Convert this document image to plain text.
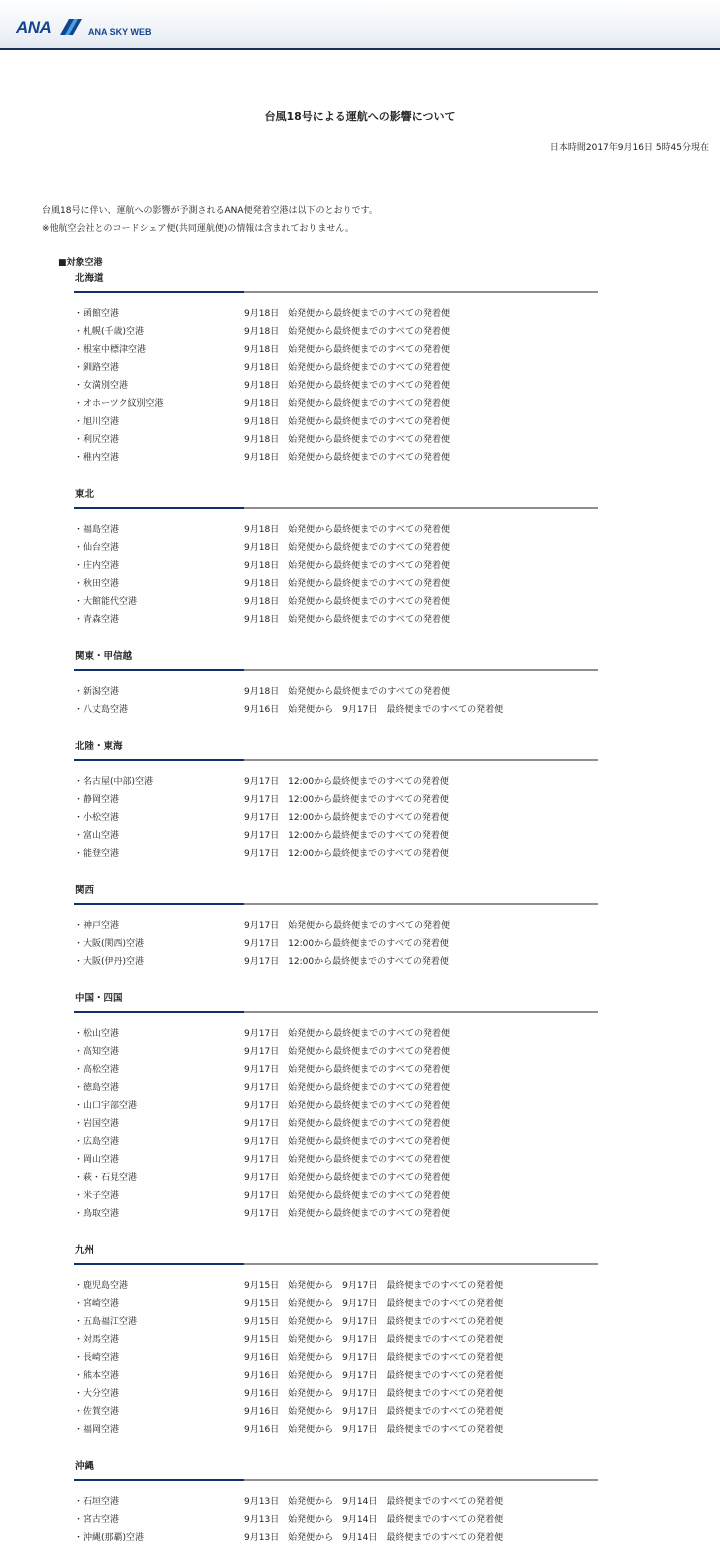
ANA	ANA SKY WEB
台風18号による運航への影響について
日本時間2017年9月16日 5時45分現在
台風18号に伴い、運航への影響が予測されるANA便発着空港は以下のとおりです。
※他航空会社とのコードシェア便(共同運航便)の情報は含まれておりません。
■対象空港
北海道
・函館空港	9月18日　始発便から最終便までのすべての発着便
・札幌(千歳)空港	9月18日　始発便から最終便までのすべての発着便
・根室中標津空港	9月18日　始発便から最終便までのすべての発着便
・釧路空港	9月18日　始発便から最終便までのすべての発着便
・女満別空港	9月18日　始発便から最終便までのすべての発着便
・オホーツク紋別空港	9月18日　始発便から最終便までのすべての発着便
・旭川空港	9月18日　始発便から最終便までのすべての発着便
・利尻空港	9月18日　始発便から最終便までのすべての発着便
・稚内空港	9月18日　始発便から最終便までのすべての発着便
東北
・福島空港	9月18日　始発便から最終便までのすべての発着便
・仙台空港	9月18日　始発便から最終便までのすべての発着便
・庄内空港	9月18日　始発便から最終便までのすべての発着便
・秋田空港	9月18日　始発便から最終便までのすべての発着便
・大館能代空港	9月18日　始発便から最終便までのすべての発着便
・青森空港	9月18日　始発便から最終便までのすべての発着便
関東・甲信越
・新潟空港	9月18日　始発便から最終便までのすべての発着便
・八丈島空港	9月16日　始発便から　9月17日　最終便までのすべての発着便
北陸・東海
・名古屋(中部)空港	9月17日　12:00から最終便までのすべての発着便
・静岡空港	9月17日　12:00から最終便までのすべての発着便
・小松空港	9月17日　12:00から最終便までのすべての発着便
・富山空港	9月17日　12:00から最終便までのすべての発着便
・能登空港	9月17日　12:00から最終便までのすべての発着便
関西
・神戸空港	9月17日　始発便から最終便までのすべての発着便
・大阪(関西)空港	9月17日　12:00から最終便までのすべての発着便
・大阪(伊丹)空港	9月17日　12:00から最終便までのすべての発着便
中国・四国
・松山空港	9月17日　始発便から最終便までのすべての発着便
・高知空港	9月17日　始発便から最終便までのすべての発着便
・高松空港	9月17日　始発便から最終便までのすべての発着便
・徳島空港	9月17日　始発便から最終便までのすべての発着便
・山口宇部空港	9月17日　始発便から最終便までのすべての発着便
・岩国空港	9月17日　始発便から最終便までのすべての発着便
・広島空港	9月17日　始発便から最終便までのすべての発着便
・岡山空港	9月17日　始発便から最終便までのすべての発着便
・萩・石見空港	9月17日　始発便から最終便までのすべての発着便
・米子空港	9月17日　始発便から最終便までのすべての発着便
・鳥取空港	9月17日　始発便から最終便までのすべての発着便
九州
・鹿児島空港	9月15日　始発便から　9月17日　最終便までのすべての発着便
・宮崎空港	9月15日　始発便から　9月17日　最終便までのすべての発着便
・五島福江空港	9月15日　始発便から　9月17日　最終便までのすべての発着便
・対馬空港	9月15日　始発便から　9月17日　最終便までのすべての発着便
・長崎空港	9月16日　始発便から　9月17日　最終便までのすべての発着便
・熊本空港	9月16日　始発便から　9月17日　最終便までのすべての発着便
・大分空港	9月16日　始発便から　9月17日　最終便までのすべての発着便
・佐賀空港	9月16日　始発便から　9月17日　最終便までのすべての発着便
・福岡空港	9月16日　始発便から　9月17日　最終便までのすべての発着便
沖縄
・石垣空港	9月13日　始発便から　9月14日　最終便までのすべての発着便
・宮古空港	9月13日　始発便から　9月14日　最終便までのすべての発着便
・沖縄(那覇)空港	9月13日　始発便から　9月14日　最終便までのすべての発着便
